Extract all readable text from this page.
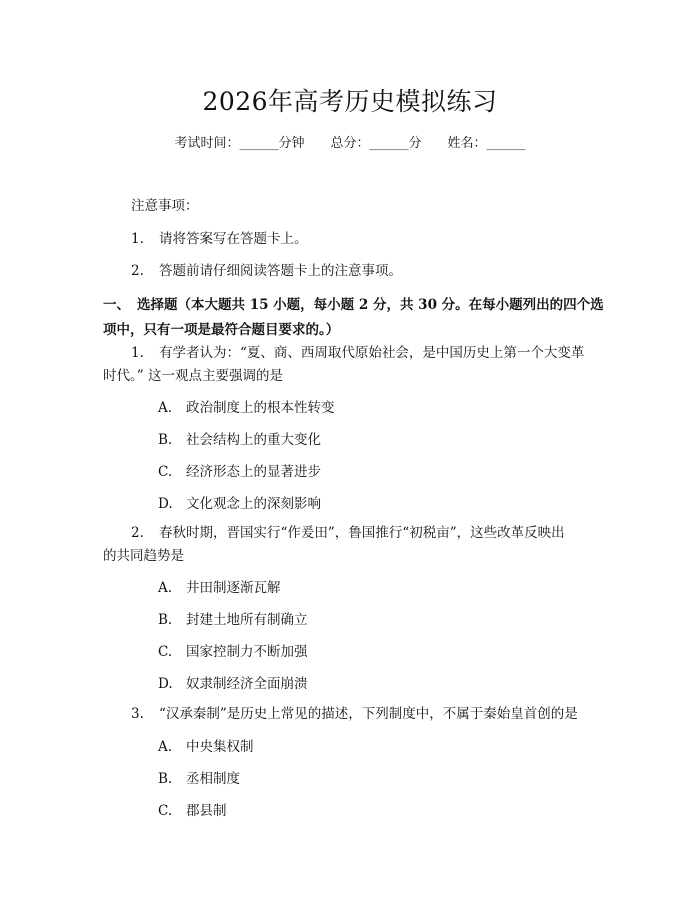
2026年高考历史模拟练习
考试时间：______分钟 总分：______分 姓名：______
注意事项：
1. 请将答案写在答题卡上。
2. 答题前请仔细阅读答题卡上的注意事项。
一、 选择题（本大题共 15 小题，每小题 2 分，共 30 分。在每小题列出的四个选
项中，只有一项是最符合题目要求的。）
1. 有学者认为：“夏、商、西周取代原始社会，是中国历史上第一个大变革
时代。” 这一观点主要强调的是
A. 政治制度上的根本性转变
B. 社会结构上的重大变化
C. 经济形态上的显著进步
D. 文化观念上的深刻影响
2. 春秋时期，晋国实行“作爰田”，鲁国推行“初税亩”，这些改革反映出
的共同趋势是
A. 井田制逐渐瓦解
B. 封建土地所有制确立
C. 国家控制力不断加强
D. 奴隶制经济全面崩溃
3. “汉承秦制”是历史上常见的描述，下列制度中，不属于秦始皇首创的是
A. 中央集权制
B. 丞相制度
C. 郡县制
